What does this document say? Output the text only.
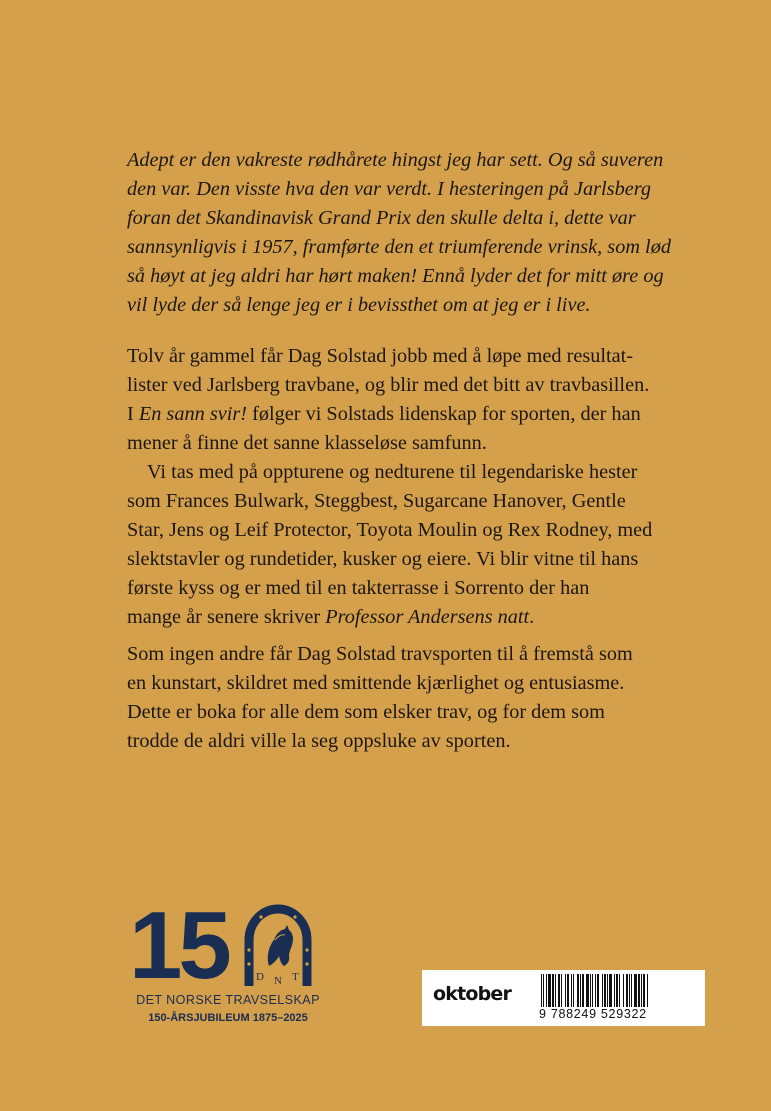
Adept er den vakreste rødhårete hingst jeg har sett. Og så suveren
den var. Den visste hva den var verdt. I hesteringen på Jarlsberg
foran det Skandinavisk Grand Prix den skulle delta i, dette var
sannsynligvis i 1957, framførte den et triumferende vrinsk, som lød
så høyt at jeg aldri har hørt maken! Ennå lyder det for mitt øre og
vil lyde der så lenge jeg er i bevissthet om at jeg er i live.
Tolv år gammel får Dag Solstad jobb med å løpe med resultat-
lister ved Jarlsberg travbane, og blir med det bitt av travbasillen.
I En sann svir! følger vi Solstads lidenskap for sporten, der han
mener å finne det sanne klasseløse samfunn.
Vi tas med på oppturene og nedturene til legendariske hester
som Frances Bulwark, Steggbest, Sugarcane Hanover, Gentle
Star, Jens og Leif Protector, Toyota Moulin og Rex Rodney, med
slektstavler og rundetider, kusker og eiere. Vi blir vitne til hans
første kyss og er med til en takterrasse i Sorrento der han
mange år senere skriver Professor Andersens natt.
Som ingen andre får Dag Solstad travsporten til å fremstå som
en kunstart, skildret med smittende kjærlighet og entusiasme.
Dette er boka for alle dem som elsker trav, og for dem som
trodde de aldri ville la seg oppsluke av sporten.
15	D N T
DET NORSKE TRAVSELSKAP
150-ÅRSJUBILEUM 1875–2025
oktober
9 788249 529322
